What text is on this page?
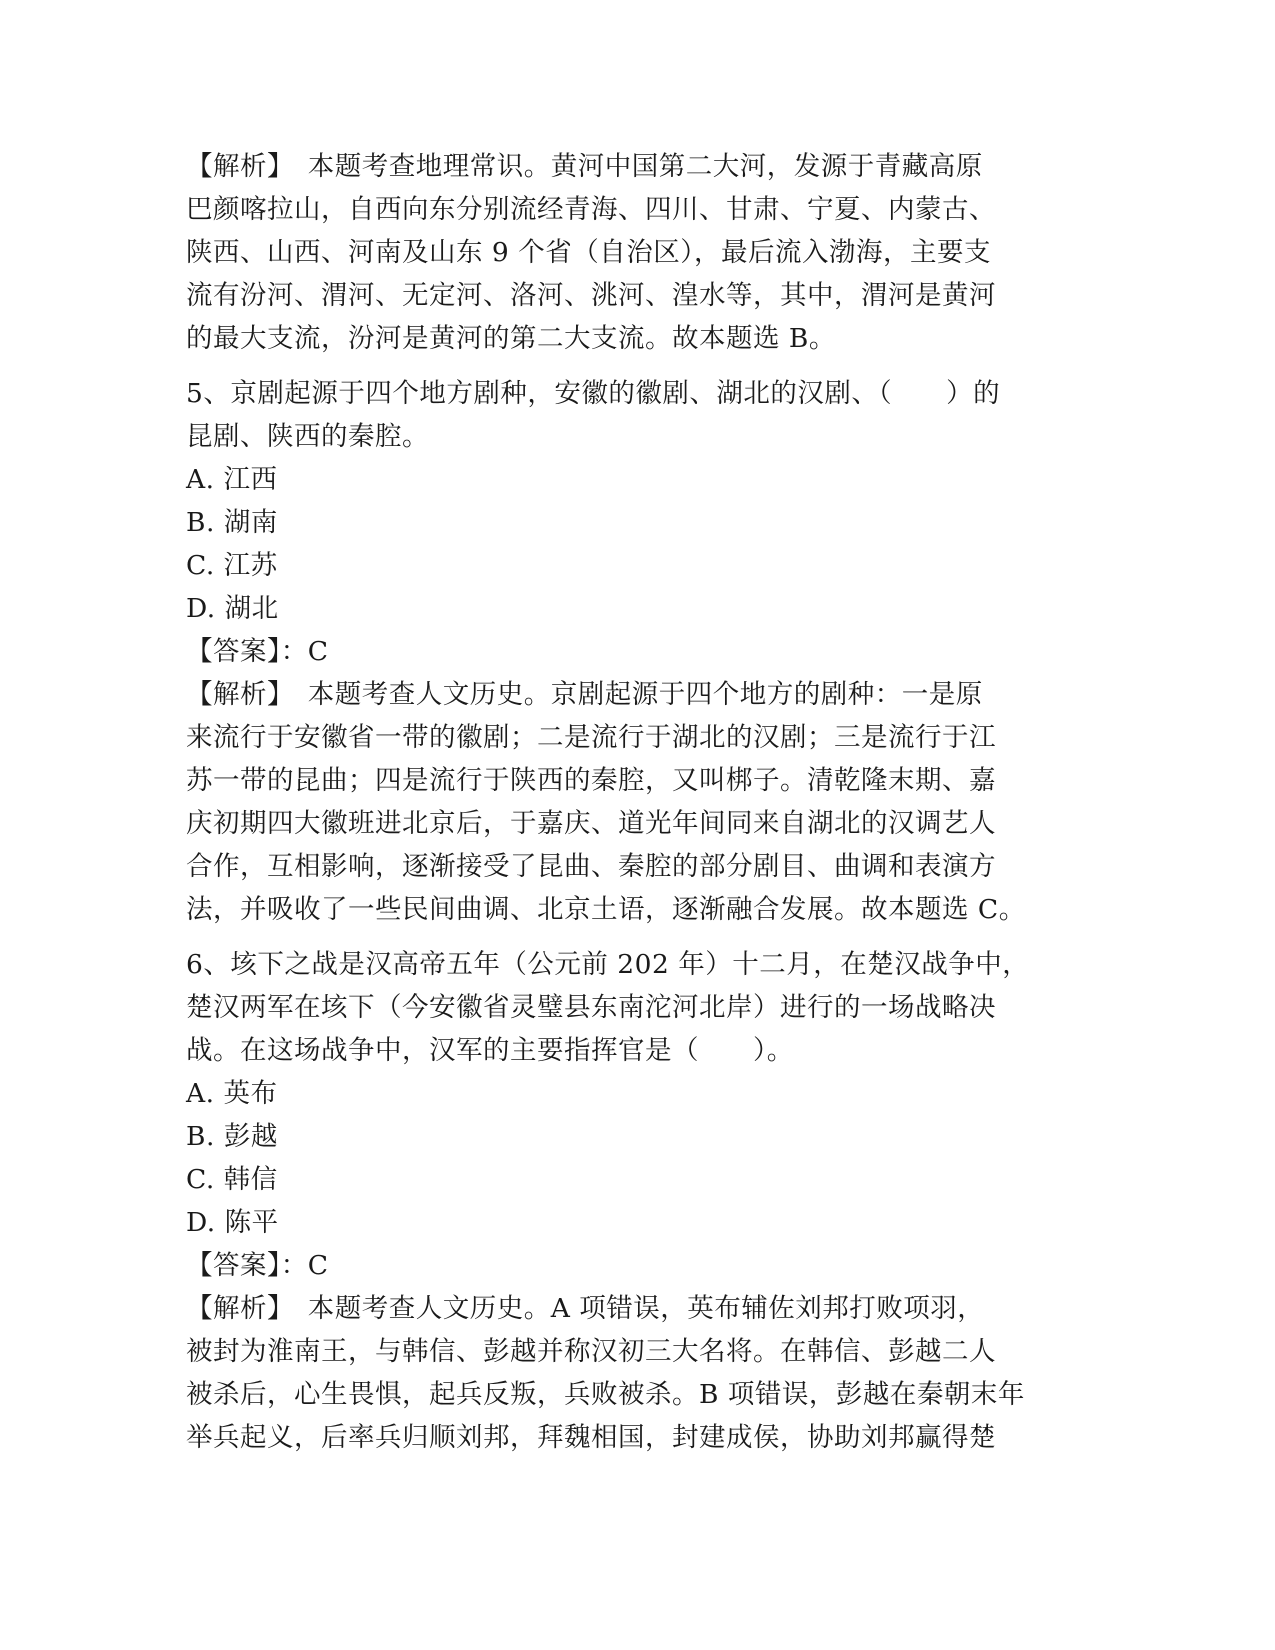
【解析】　本题考查地理常识。黄河中国第二大河，发源于青藏高原
巴颜喀拉山，自西向东分别流经青海、四川、甘肃、宁夏、内蒙古、
陕西、山西、河南及山东 9 个省（自治区），最后流入渤海，主要支
流有汾河、渭河、无定河、洛河、洮河、湟水等，其中，渭河是黄河
的最大支流，汾河是黄河的第二大支流。故本题选 B。
5、京剧起源于四个地方剧种，安徽的徽剧、湖北的汉剧、（　　）的
昆剧、陕西的秦腔。
A. 江西
B. 湖南
C. 江苏
D. 湖北
【答案】：C
【解析】　本题考查人文历史。京剧起源于四个地方的剧种：一是原
来流行于安徽省一带的徽剧；二是流行于湖北的汉剧；三是流行于江
苏一带的昆曲；四是流行于陕西的秦腔，又叫梆子。清乾隆末期、嘉
庆初期四大徽班进北京后，于嘉庆、道光年间同来自湖北的汉调艺人
合作，互相影响，逐渐接受了昆曲、秦腔的部分剧目、曲调和表演方
法，并吸收了一些民间曲调、北京土语，逐渐融合发展。故本题选 C。
6、垓下之战是汉高帝五年（公元前 202 年）十二月，在楚汉战争中，
楚汉两军在垓下（今安徽省灵璧县东南沱河北岸）进行的一场战略决
战。在这场战争中，汉军的主要指挥官是（　　）。
A. 英布
B. 彭越
C. 韩信
D. 陈平
【答案】：C
【解析】　本题考查人文历史。A 项错误，英布辅佐刘邦打败项羽，
被封为淮南王，与韩信、彭越并称汉初三大名将。在韩信、彭越二人
被杀后，心生畏惧，起兵反叛，兵败被杀。B 项错误，彭越在秦朝末年
举兵起义，后率兵归顺刘邦，拜魏相国，封建成侯，协助刘邦赢得楚
